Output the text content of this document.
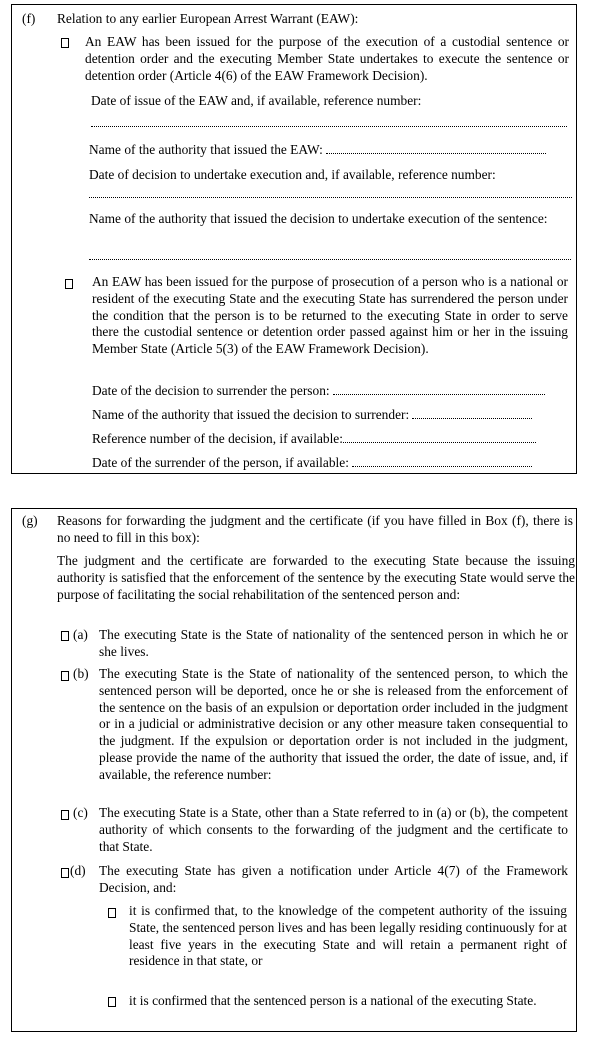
(f) Relation to any earlier European Arrest Warrant (EAW):
An EAW has been issued for the purpose of the execution of a custodial sentence or detention order and the executing Member State undertakes to execute the sentence or detention order (Article 4(6) of the EAW Framework Decision).
Date of issue of the EAW and, if available, reference number:
Name of the authority that issued the EAW:
Date of decision to undertake execution and, if available, reference number:
Name of the authority that issued the decision to undertake execution of the sentence:
An EAW has been issued for the purpose of prosecution of a person who is a national or resident of the executing State and the executing State has surrendered the person under the condition that the person is to be returned to the executing State in order to serve there the custodial sentence or detention order passed against him or her in the issuing Member State (Article 5(3) of the EAW Framework Decision).
Date of the decision to surrender the person:
Name of the authority that issued the decision to surrender:
Reference number of the decision, if available:
Date of the surrender of the person, if available:
(g) Reasons for forwarding the judgment and the certificate (if you have filled in Box (f), there is no need to fill in this box):
The judgment and the certificate are forwarded to the executing State because the issuing authority is satisfied that the enforcement of the sentence by the executing State would serve the purpose of facilitating the social rehabilitation of the sentenced person and:
(a) The executing State is the State of nationality of the sentenced person in which he or she lives.
(b) The executing State is the State of nationality of the sentenced person, to which the sentenced person will be deported, once he or she is released from the enforcement of the sentence on the basis of an expulsion or deportation order included in the judgment or in a judicial or administrative decision or any other measure taken consequential to the judgment. If the expulsion or deportation order is not included in the judgment, please provide the name of the authority that issued the order, the date of issue, and, if available, the reference number:
(c) The executing State is a State, other than a State referred to in (a) or (b), the competent authority of which consents to the forwarding of the judgment and the certificate to that State.
(d) The executing State has given a notification under Article 4(7) of the Framework Decision, and:
it is confirmed that, to the knowledge of the competent authority of the issuing State, the sentenced person lives and has been legally residing continuously for at least five years in the executing State and will retain a permanent right of residence in that state, or
it is confirmed that the sentenced person is a national of the executing State.
